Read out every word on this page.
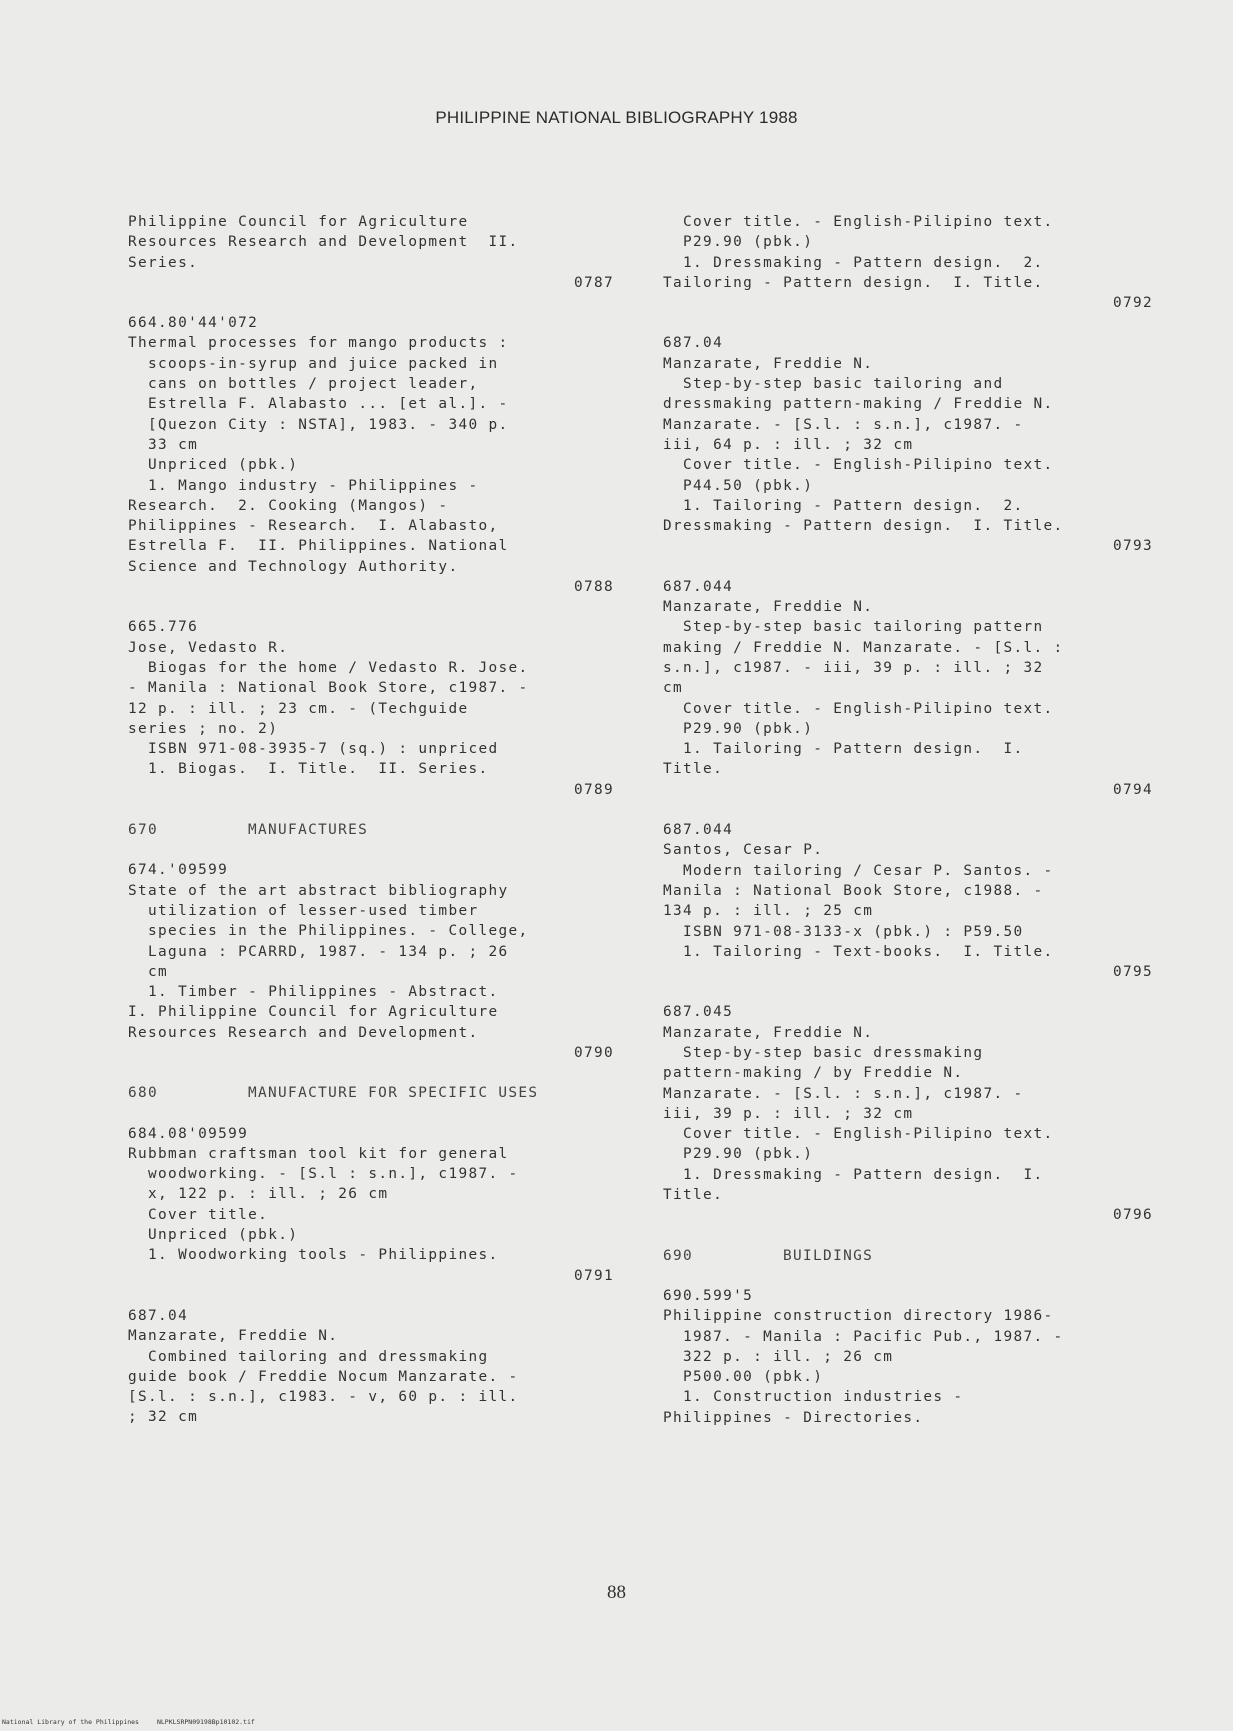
PHILIPPINE NATIONAL BIBLIOGRAPHY 1988
Philippine Council for Agriculture
Resources Research and Development  II.
Series.
0787
664.80'44'072
Thermal processes for mango products :
scoops-in-syrup and juice packed in
cans on bottles / project leader,
Estrella F. Alabasto ... [et al.]. -
[Quezon City : NSTA], 1983. - 340 p.
33 cm
Unpriced (pbk.)
1. Mango industry - Philippines -
Research.  2. Cooking (Mangos) -
Philippines - Research.  I. Alabasto,
Estrella F.  II. Philippines. National
Science and Technology Authority.
0788
665.776
Jose, Vedasto R.
Biogas for the home / Vedasto R. Jose.
- Manila : National Book Store, c1987. -
12 p. : ill. ; 23 cm. - (Techguide
series ; no. 2)
ISBN 971-08-3935-7 (sq.) : unpriced
1. Biogas.  I. Title.  II. Series.
0789
670	MANUFACTURES
674.'09599
State of the art abstract bibliography
utilization of lesser-used timber
species in the Philippines. - College,
Laguna : PCARRD, 1987. - 134 p. ; 26
cm
1. Timber - Philippines - Abstract.
I. Philippine Council for Agriculture
Resources Research and Development.
0790
680	MANUFACTURE FOR SPECIFIC USES
684.08'09599
Rubbman craftsman tool kit for general
woodworking. - [S.l : s.n.], c1987. -
x, 122 p. : ill. ; 26 cm
Cover title.
Unpriced (pbk.)
1. Woodworking tools - Philippines.
0791
687.04
Manzarate, Freddie N.
Combined tailoring and dressmaking
guide book / Freddie Nocum Manzarate. -
[S.l. : s.n.], c1983. - v, 60 p. : ill.
; 32 cm
Cover title. - English-Pilipino text.
P29.90 (pbk.)
1. Dressmaking - Pattern design.  2.
Tailoring - Pattern design.  I. Title.
0792
687.04
Manzarate, Freddie N.
Step-by-step basic tailoring and
dressmaking pattern-making / Freddie N.
Manzarate. - [S.l. : s.n.], c1987. -
iii, 64 p. : ill. ; 32 cm
Cover title. - English-Pilipino text.
P44.50 (pbk.)
1. Tailoring - Pattern design.  2.
Dressmaking - Pattern design.  I. Title.
0793
687.044
Manzarate, Freddie N.
Step-by-step basic tailoring pattern
making / Freddie N. Manzarate. - [S.l. :
s.n.], c1987. - iii, 39 p. : ill. ; 32
cm
Cover title. - English-Pilipino text.
P29.90 (pbk.)
1. Tailoring - Pattern design.  I.
Title.
0794
687.044
Santos, Cesar P.
Modern tailoring / Cesar P. Santos. -
Manila : National Book Store, c1988. -
134 p. : ill. ; 25 cm
ISBN 971-08-3133-x (pbk.) : P59.50
1. Tailoring - Text-books.  I. Title.
0795
687.045
Manzarate, Freddie N.
Step-by-step basic dressmaking
pattern-making / by Freddie N.
Manzarate. - [S.l. : s.n.], c1987. -
iii, 39 p. : ill. ; 32 cm
Cover title. - English-Pilipino text.
P29.90 (pbk.)
1. Dressmaking - Pattern design.  I.
Title.
0796
690	BUILDINGS
690.599'5
Philippine construction directory 1986-
1987. - Manila : Pacific Pub., 1987. -
322 p. : ill. ; 26 cm
P500.00 (pbk.)
1. Construction industries -
Philippines - Directories.
88
National Library of the Philippines	NLPKLSRPN09198Bp10102.tif
